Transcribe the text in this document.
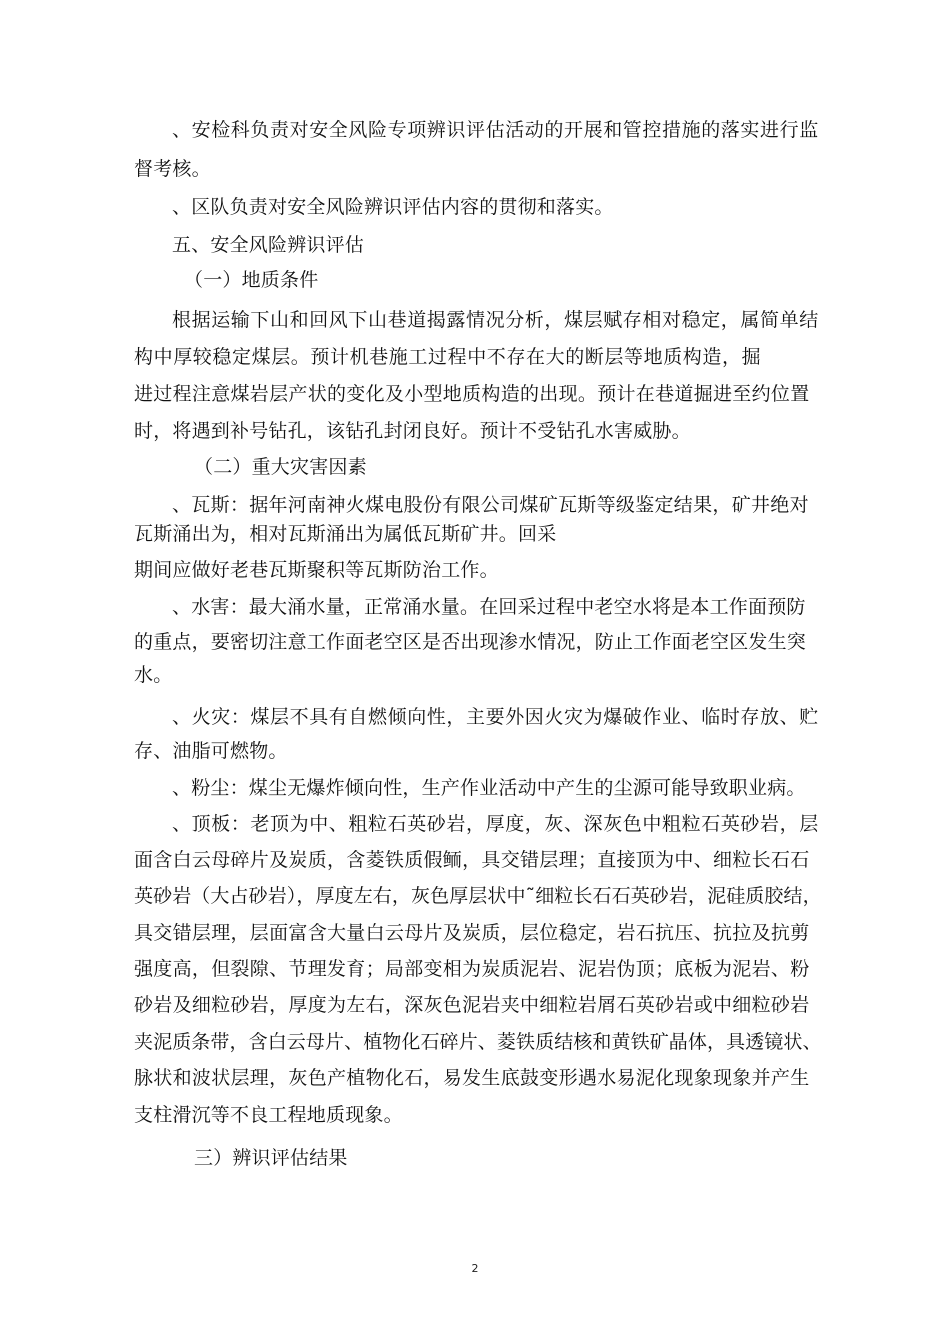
、安检科负责对安全风险专项辨识评估活动的开展和管控措施的落实进行监
督考核。
、区队负责对安全风险辨识评估内容的贯彻和落实。
五、安全风险辨识评估
（一）地质条件
根据运输下山和回风下山巷道揭露情况分析，煤层赋存相对稳定，属简单结
构中厚较稳定煤层。预计机巷施工过程中不存在大的断层等地质构造，掘
进过程注意煤岩层产状的变化及小型地质构造的出现。预计在巷道掘进至约位置
时，将遇到补号钻孔，该钻孔封闭良好。预计不受钻孔水害威胁。
（二）重大灾害因素
、瓦斯：据年河南神火煤电股份有限公司煤矿瓦斯等级鉴定结果，矿井绝对
瓦斯涌出为，相对瓦斯涌出为属低瓦斯矿井。回采
期间应做好老巷瓦斯聚积等瓦斯防治工作。
、水害：最大涌水量，正常涌水量。在回采过程中老空水将是本工作面预防
的重点，要密切注意工作面老空区是否出现渗水情况，防止工作面老空区发生突
水。
、火灾：煤层不具有自燃倾向性，主要外因火灾为爆破作业、临时存放、贮
存、油脂可燃物。
、粉尘：煤尘无爆炸倾向性，生产作业活动中产生的尘源可能导致职业病。
、顶板：老顶为中、粗粒石英砂岩，厚度，灰、深灰色中粗粒石英砂岩，层
面含白云母碎片及炭质，含菱铁质假鲕，具交错层理；直接顶为中、细粒长石石
英砂岩（大占砂岩），厚度左右，灰色厚层状中˜细粒长石石英砂岩，泥硅质胶结，
具交错层理，层面富含大量白云母片及炭质，层位稳定，岩石抗压、抗拉及抗剪
强度高，但裂隙、节理发育；局部变相为炭质泥岩、泥岩伪顶；底板为泥岩、粉
砂岩及细粒砂岩，厚度为左右，深灰色泥岩夹中细粒岩屑石英砂岩或中细粒砂岩
夹泥质条带，含白云母片、植物化石碎片、菱铁质结核和黄铁矿晶体，具透镜状、
脉状和波状层理，灰色产植物化石，易发生底鼓变形遇水易泥化现象现象并产生
支柱滑沉等不良工程地质现象。
三）辨识评估结果
2
